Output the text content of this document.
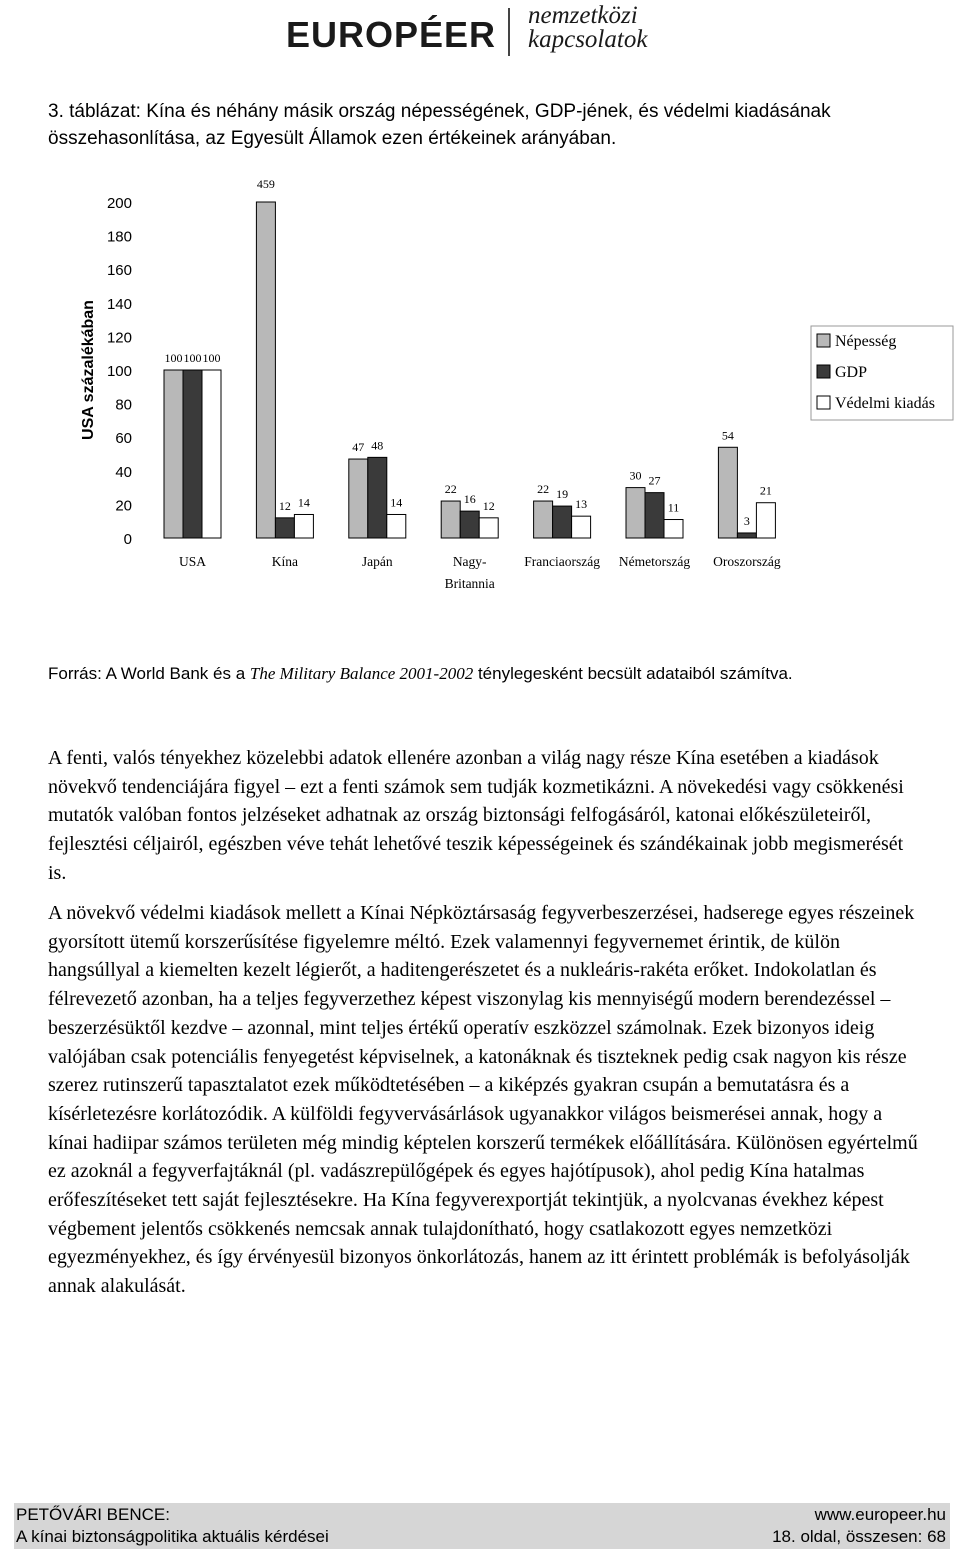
EUROPÉER nemzetközi
kapcsolatok
3. táblázat: Kína és néhány másik ország népességének, GDP-jének, és védelmi kiadásának összehasonlítása, az Egyesült Államok ezen értékeinek arányában.
0
20
40
60
80
100
120
140
160
180
200
USA százalékában	100 100 100
USA
459
12 14
Kína
47 48
14
Japán
22
16 12
Nagy-
Britannia
22 19
13
Franciaország
30 27
11
Németország
54
3
21
Oroszország
Népesség
GDP
Védelmi kiadás
Forrás: A World Bank és a The Military Balance 2001-2002 ténylegesként becsült adataiból számítva.

A fenti, valós tényekhez közelebbi adatok ellenére azonban a világ nagy része Kína esetében a kiadások növekvő tendenciájára figyel – ezt a fenti számok sem tudják kozmetikázni. A növekedési vagy csökkenési mutatók valóban fontos jelzéseket adhatnak az ország biztonsági felfogásáról, katonai előkészületeiről, fejlesztési céljairól, egészben véve tehát lehetővé teszik képességeinek és szándékainak jobb megismerését is.

A növekvő védelmi kiadások mellett a Kínai Népköztársaság fegyverbeszerzései, hadserege egyes részeinek gyorsított ütemű korszerűsítése figyelemre méltó. Ezek valamennyi fegyvernemet érintik, de külön hangsúllyal a kiemelten kezelt légierőt, a haditengerészetet és a nukleáris-rakéta erőket. Indokolatlan és félrevezető azonban, ha a teljes fegyverzethez képest viszonylag kis mennyiségű modern berendezéssel – beszerzésüktől kezdve – azonnal, mint teljes értékű operatív eszközzel számolnak. Ezek bizonyos ideig valójában csak potenciális fenyegetést képviselnek, a katonáknak és tiszteknek pedig csak nagyon kis része szerez rutinszerű tapasztalatot ezek működtetésében – a kiképzés gyakran csupán a bemutatásra és a kísérletezésre korlátozódik. A külföldi fegyvervásárlások ugyanakkor világos beismerései annak, hogy a kínai hadiipar számos területen még mindig képtelen korszerű termékek előállítására. Különösen egyértelmű ez azoknál a fegyverfajtáknál (pl. vadászrepülőgépek és egyes hajótípusok), ahol pedig Kína hatalmas erőfeszítéseket tett saját fejlesztésekre. Ha Kína fegyverexportját tekintjük, a nyolcvanas évekhez képest végbement jelentős csökkenés nemcsak annak tulajdonítható, hogy csatlakozott egyes nemzetközi egyezményekhez, és így érvényesül bizonyos önkorlátozás, hanem az itt érintett problémák is befolyásolják annak alakulását.

PETŐVÁRI BENCE:
A kínai biztonságpolitika aktuális kérdései
www.europeer.hu
18. oldal, összesen: 68
